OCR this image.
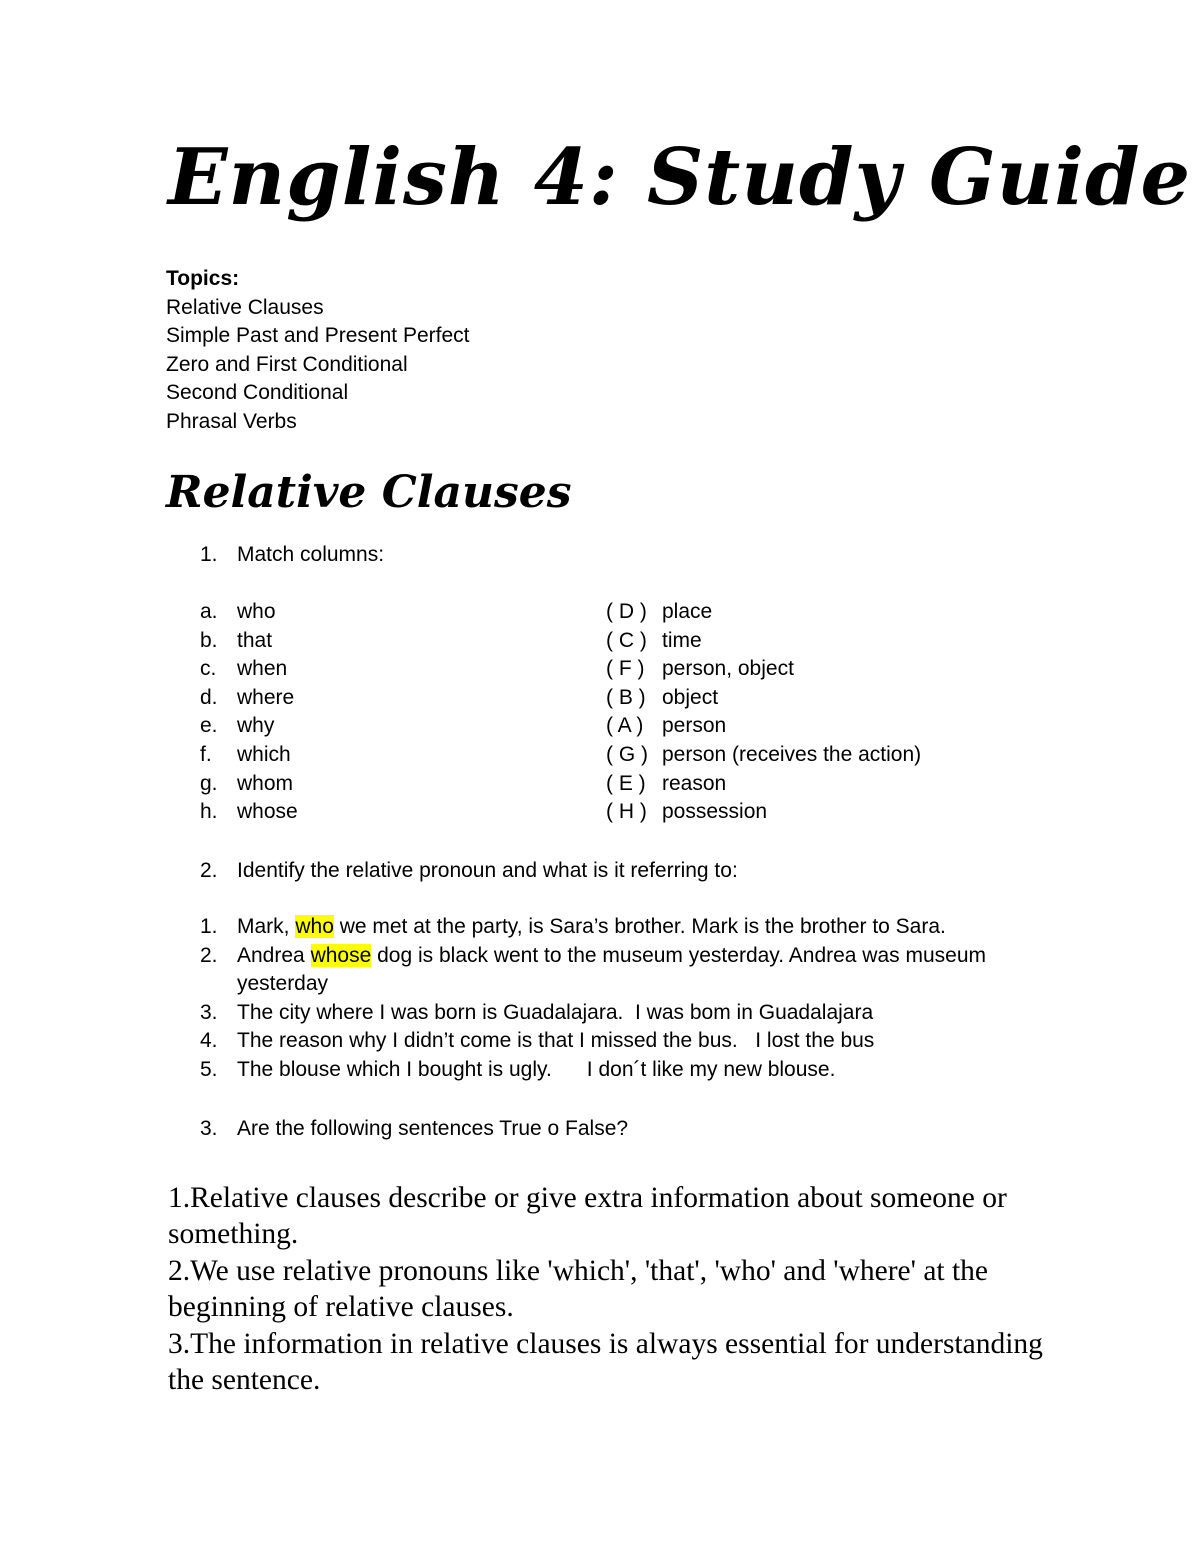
English 4: Study Guide
Topics:
Relative Clauses
Simple Past and Present Perfect
Zero and First Conditional
Second Conditional
Phrasal Verbs
Relative Clauses
1. Match columns:
a. who
b. that
c. when
d. where
e. why
f. which
g. whom
h. whose
( D ) place
( C ) time
( F ) person, object
( B ) object
( A ) person
( G ) person (receives the action)
( E ) reason
( H ) possession
2. Identify the relative pronoun and what is it referring to:
1. Mark, who we met at the party, is Sara’s brother. Mark is the brother to Sara.
2. Andrea whose dog is black went to the museum yesterday. Andrea was museum yesterday
3. The city where I was born is Guadalajara.  I was bom in Guadalajara
4. The reason why I didn’t come is that I missed the bus.   I lost the bus
5. The blouse which I bought is ugly.      I don´t like my new blouse.
3. Are the following sentences True o False?
1.Relative clauses describe or give extra information about someone or something.
2.We use relative pronouns like 'which', 'that', 'who' and 'where' at the beginning of relative clauses.
3.The information in relative clauses is always essential for understanding the sentence.
